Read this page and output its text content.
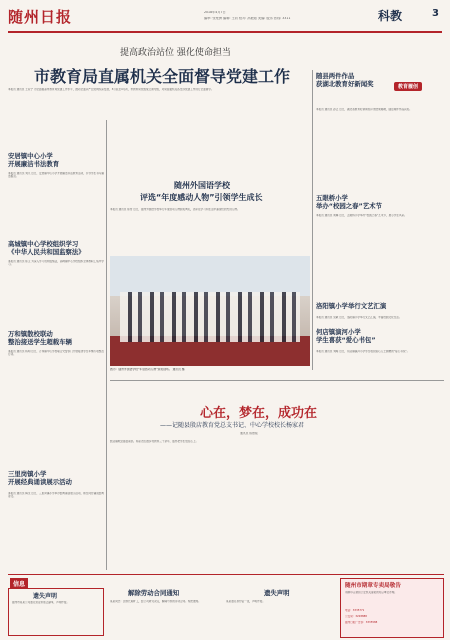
随州日报	2018年4月7日
编审: 张楚洲 编辑: 王钊 校对: 高艳茹 美编: 殷乐 热线: 3311	科教	3
提高政治站位 强化使命担当
市教育局直属机关全面督导党建工作
本报讯 通讯员 王家宁 为全面提高市教育局党建工作水平，推动全面从严治党向纵深发展，3月底至4月初，市教育局党组成立督导组，对局直属机关各支部党建工作进行全面督导。
安居镇中心小学
开展廉洁书法教育
本报讯 通讯员 刘凡 近日，安居镇中心小学开展廉洁书法教育活动，引导学生书写廉洁格言。
高城镇中心学校组织学习
《中华人民共和国监察法》
本报讯 通讯员 陈卫 为深入学习贯彻监察法，高城镇中心学校组织全体教职工集中学习。
万和镇散校联动
整治接送学生超载车辆
本报讯 通讯员 杨明 近日，万和镇中心学校联合交警部门开展接送学生车辆专项整治行动。
三里岗镇小学
开展经典诵读展示活动
本报讯 通讯员 梅文 近日，三里岗镇小学举办经典诵读展示活动，师生同台诵读经典诗文。
随州外国语学校
评选“年度感动人物”引领学生成长
本报讯 通讯员 陈雪 近日，随州外国语学校举行年度感动人物颁奖典礼，表彰在学习和生活中涌现出的先进人物。
图为：随州外国语学校“年度感动人物”颁奖现场。 通讯员 摄
教育履创
随县两件作品
获湖北教育好新闻奖
本报讯 通讯员 孙正 近日，湖北省教育好新闻奖评选结果揭晓，随县两件作品获奖。
五眼桥小学
举办“校园之春”艺术节
本报讯 通讯员 周琳 近日，五眼桥小学举办“校园之春”艺术节，展示学生风采。
洛阳镇小学举行文艺汇演
本报讯 通讯员 吴敏 近日，洛阳镇小学举行文艺汇演，丰富校园文化生活。
何店镇演河小学
学生喜获“爱心书包”
本报讯 通讯员 刘峰 近日，何店镇演河小学学生收到爱心人士捐赠的“爱心书包”。
心在，梦在，成功在
——记随县殷店教育党总支书记、中心学校校长杨家君
通讯员 陈德斌
殷店镇地处随县南部，杨家君扎根乡村教育三十余年，始终把学生放在心上。
信息
遗失声明
随州市某某公司遗失营业执照正副本，声明作废。
解除劳动合同通知
某某同志：因你长期旷工，经公司研究决定，解除与你的劳动合同。特此通知。
遗失声明
某某遗失身份证一张，声明作废。
随州市期章专卖局敬告
刻制印章须到公安机关备案的刻章单位办理。
电话：3335771
公安局：3228888
随州日报广告部：3335588
